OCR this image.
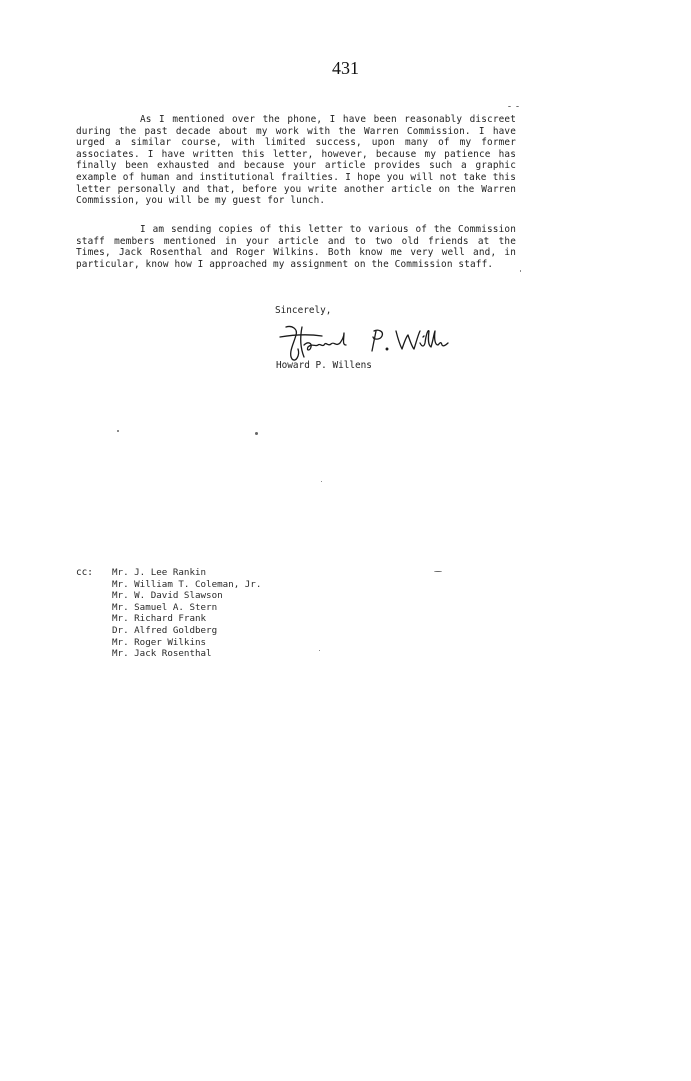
431

As I mentioned over the phone, I have been reasonably discreet during the past decade about my work with the Warren Commission. I have urged a similar course, with limited success, upon many of my former associates. I have written this letter, however, because my patience has finally been exhausted and because your article provides such a graphic example of human and institutional frailties. I hope you will not take this letter personally and that, before you write another article on the Warren Commission, you will be my guest for lunch.

I am sending copies of this letter to various of the Commission staff members mentioned in your article and to two old friends at the Times, Jack Rosenthal and Roger Wilkins. Both know me very well and, in particular, know how I approached my assignment on the Commission staff.

Sincerely,
Howard P. Willens
cc: Mr. J. Lee Rankin
Mr. William T. Coleman, Jr.
Mr. W. David Slawson
Mr. Samuel A. Stern
Mr. Richard Frank
Dr. Alfred Goldberg
Mr. Roger Wilkins
Mr. Jack Rosenthal
